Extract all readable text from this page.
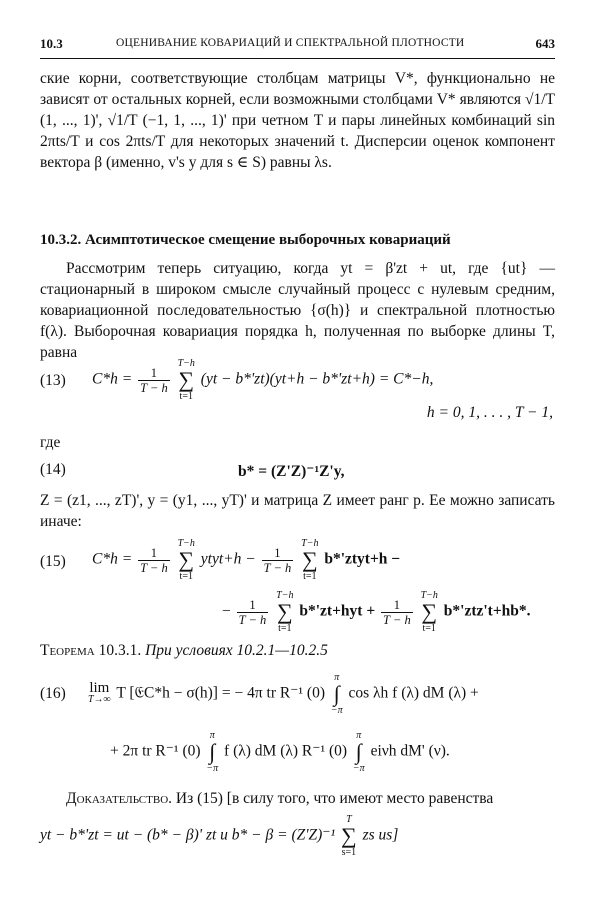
10.3	ОЦЕНИВАНИЕ КОВАРИАЦИЙ И СПЕКТРАЛЬНОЙ ПЛОТНОСТИ	643

ские корни, соответствующие столбцам матрицы V*, функционально не зависят от остальных корней, если возможными столбцами V* являются √1/T (1, ..., 1)', √1/T (−1, 1, ..., 1)' при четном T и пары линейных комбинаций sin 2πts/T и cos 2πts/T для некоторых значений t. Дисперсии оценок компонент вектора β (именно, v's y для s ∈ S) равны λs.

10.3.2. Асимптотическое смещение выборочных ковариаций

Рассмотрим теперь ситуацию, когда yt = β'zt + ut, где {ut} — стационарный в широком смысле случайный процесс с нулевым средним, ковариационной последовательностью {σ(h)} и спектральной плотностью f(λ). Выборочная ковариация порядка h, полученная по выборке длины T, равна

(13) $C*h = \frac{1}{T - h}$

T−h
∑
t=1
(yt − b*'zt)(yt+h − b*'zt+h) = C*−h,
h = 0, 1, . . . , T − 1,
где
(14)	b* = (Z'Z)⁻¹Z'y,

Z = (z1, ..., zT)', y = (y1, ..., yT)' и матрица Z имеет ранг p. Ее можно записать иначе:

(15) $C*h = \frac{1}{T - h}$

T−h
∑
t=1
ytyt+h − $\frac{1}{T - h}$

T−h
∑
t=1
b*'ztyt+h −
− $\frac{1}{T - h}$

T−h
∑
t=1
$b*'zt+hyt + \frac{1}{T - h}$

T−h
∑
t=1
b*'ztz't+hb*.
Теорема 10.3.1. При условиях 10.2.1—10.2.5
(16) lim
T→∞ T [𝔈C*h − σ(h)] = − 4π tr R⁻¹ (0)
π
∫
−π
cos λh f (λ) dM (λ) +
+ 2π tr R⁻¹ (0)
π
∫
−π
f (λ) dM (λ) R⁻¹ (0)
π
∫
−π
eiνh dM' (ν).
Доказательство. Из (15) [в силу того, что имеют место равенства
yt − b*'zt = ut − (b* − β)' zt и b* − β = (Z'Z)⁻¹
T
∑
s=1
zs us]
